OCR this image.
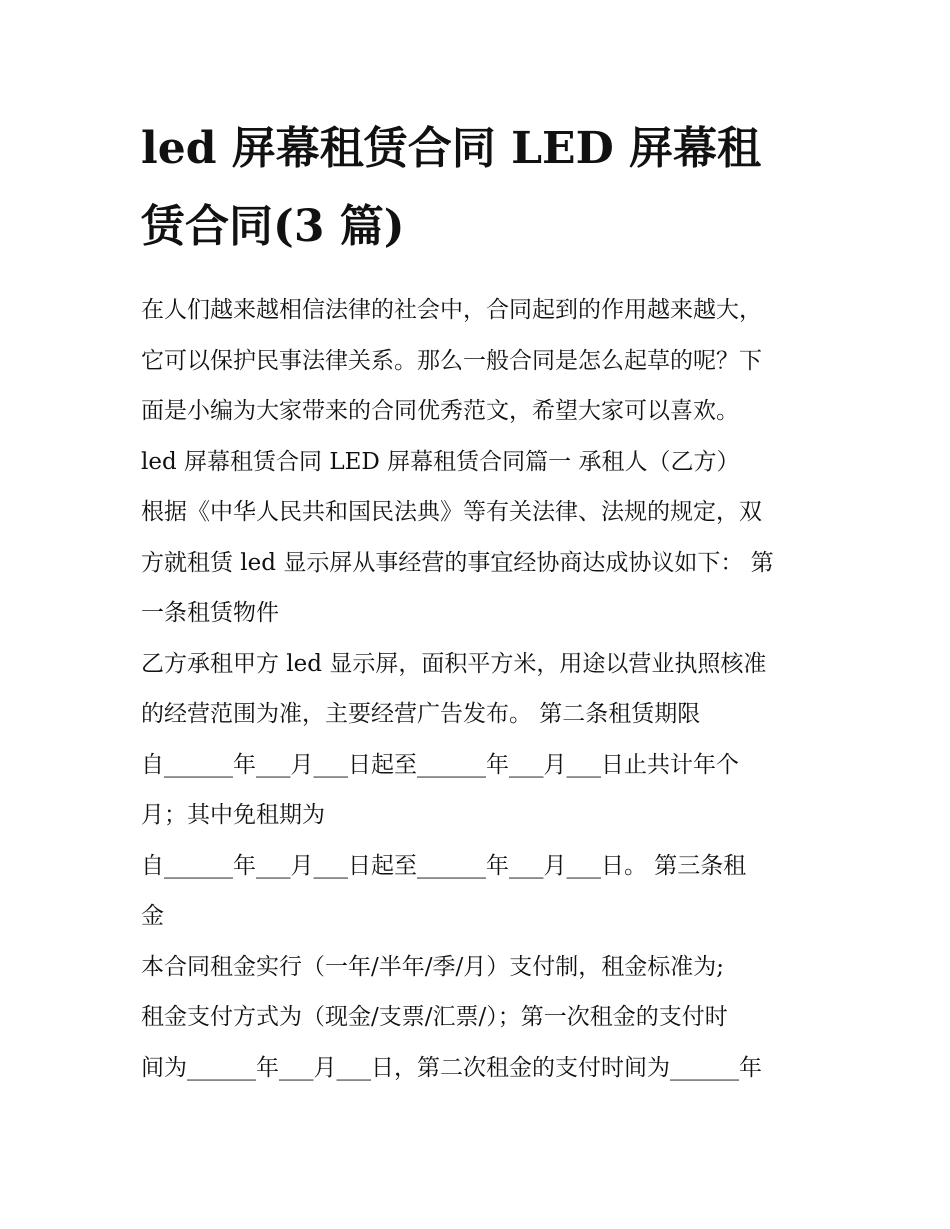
led 屏幕租赁合同 LED 屏幕租
赁合同(3 篇)
在人们越来越相信法律的社会中，合同起到的作用越来越大，
它可以保护民事法律关系。那么一般合同是怎么起草的呢？下
面是小编为大家带来的合同优秀范文，希望大家可以喜欢。
led 屏幕租赁合同 LED 屏幕租赁合同篇一 承租人（乙方）
根据《中华人民共和国民法典》等有关法律、法规的规定，双
方就租赁 led 显示屏从事经营的事宜经协商达成协议如下： 第
一条租赁物件
乙方承租甲方 led 显示屏，面积平方米，用途以营业执照核准
的经营范围为准，主要经营广告发布。 第二条租赁期限
自______年___月___日起至______年___月___日止共计年个
月；其中免租期为
自______年___月___日起至______年___月___日。 第三条租
金
本合同租金实行（一年/半年/季/月）支付制，租金标准为;
租金支付方式为（现金/支票/汇票/）；第一次租金的支付时
间为______年___月___日，第二次租金的支付时间为______年
